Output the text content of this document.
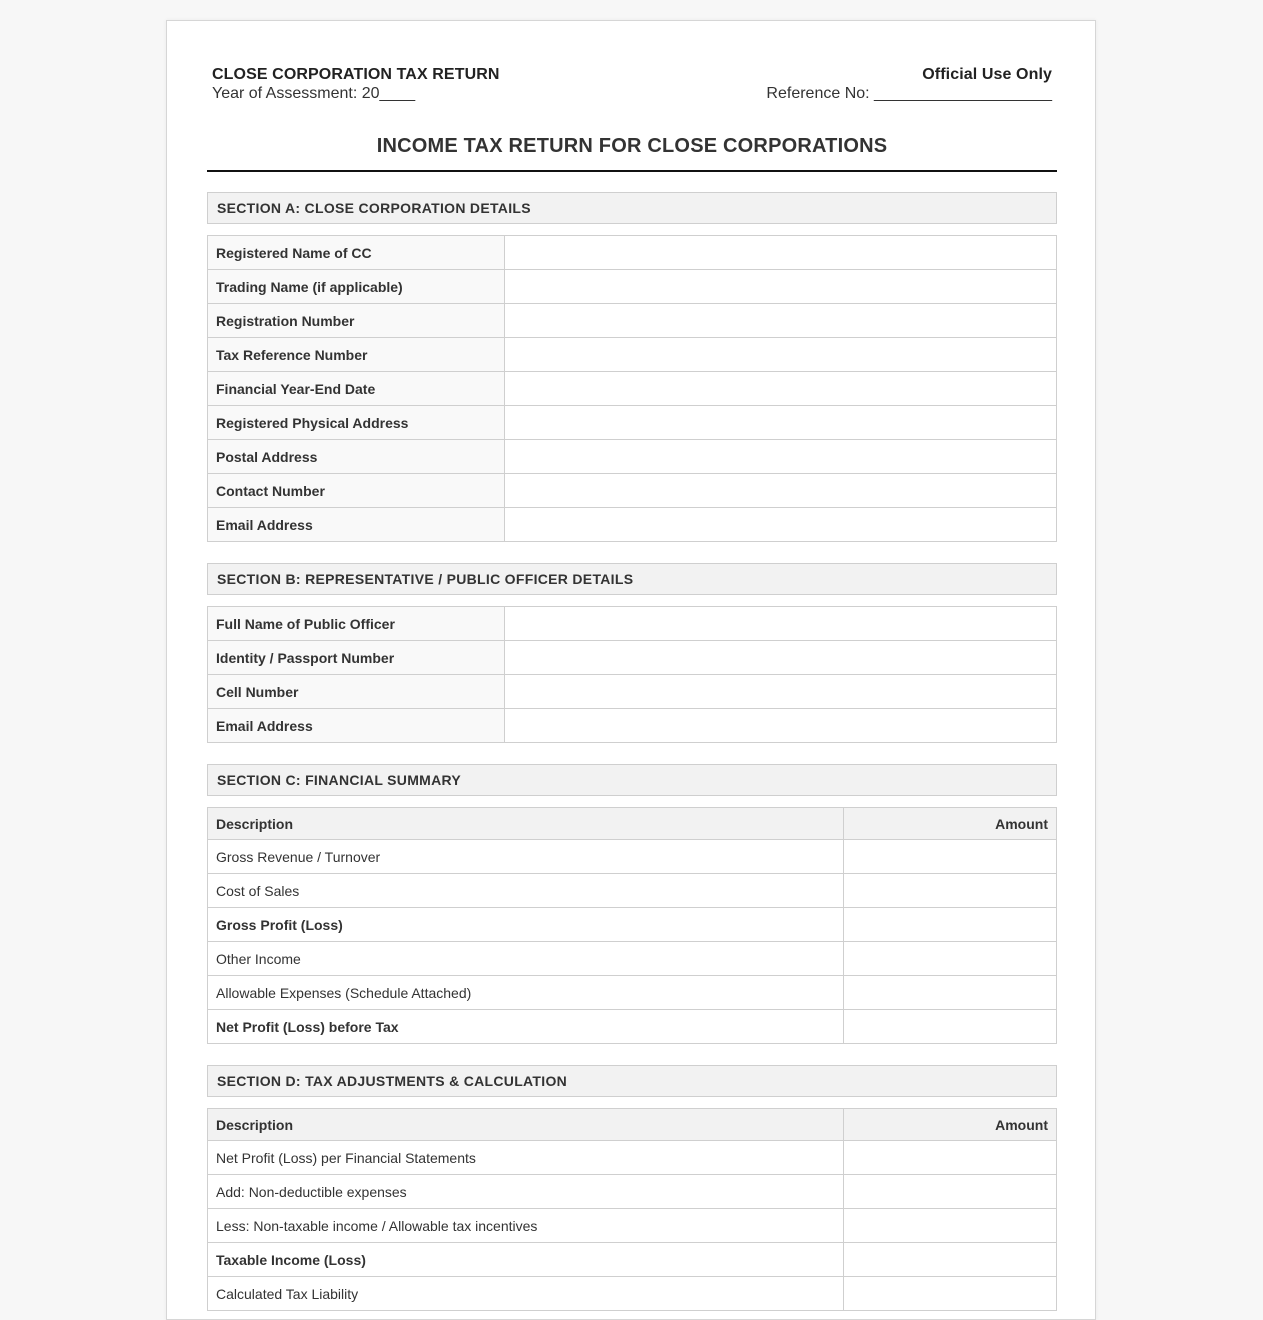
CLOSE CORPORATION TAX RETURN
Year of Assessment: 20____
Official Use Only
Reference No: ____________________
INCOME TAX RETURN FOR CLOSE CORPORATIONS
SECTION A: CLOSE CORPORATION DETAILS
Registered Name of CC	
Trading Name (if applicable)	
Registration Number	
Tax Reference Number	
Financial Year-End Date	
Registered Physical Address	
Postal Address	
Contact Number	
Email Address	
SECTION B: REPRESENTATIVE / PUBLIC OFFICER DETAILS
Full Name of Public Officer	
Identity / Passport Number	
Cell Number	
Email Address	
SECTION C: FINANCIAL SUMMARY
Description	Amount
Gross Revenue / Turnover	
Cost of Sales	
Gross Profit (Loss)	
Other Income	
Allowable Expenses (Schedule Attached)	
Net Profit (Loss) before Tax	
SECTION D: TAX ADJUSTMENTS & CALCULATION
Description	Amount
Net Profit (Loss) per Financial Statements	
Add: Non-deductible expenses	
Less: Non-taxable income / Allowable tax incentives	
Taxable Income (Loss)	
Calculated Tax Liability	
